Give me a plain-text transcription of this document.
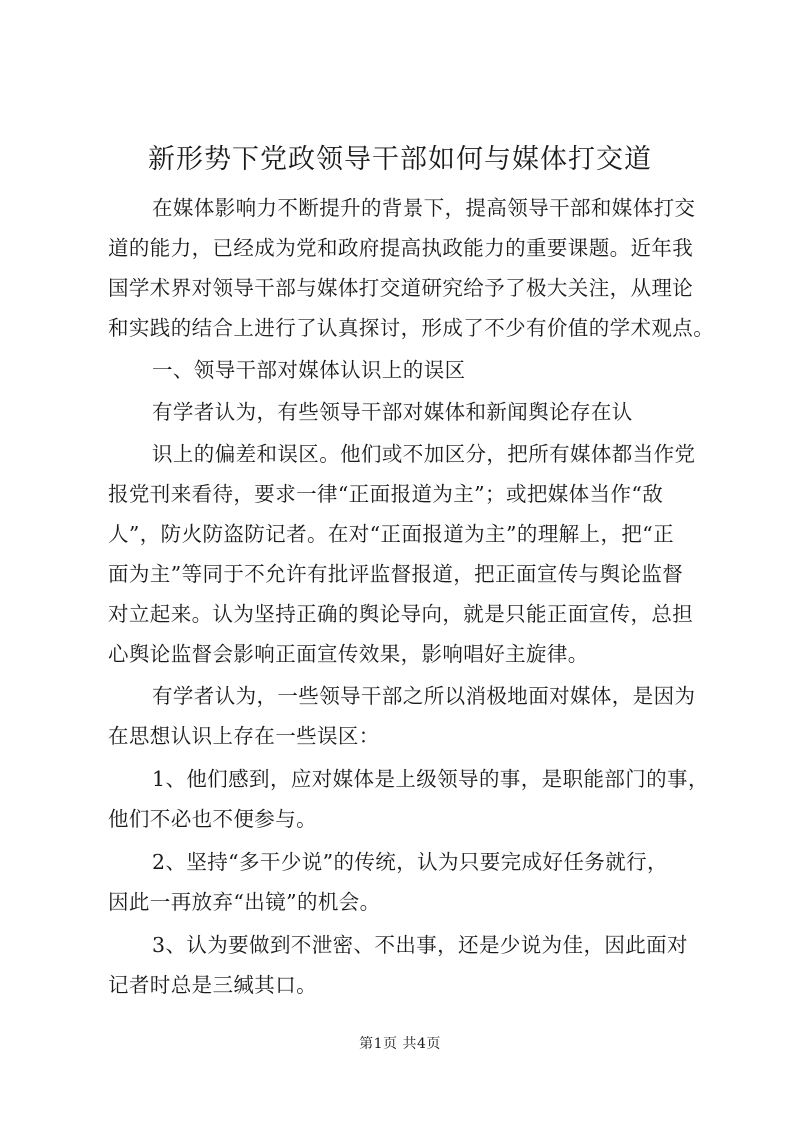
新形势下党政领导干部如何与媒体打交道
在媒体影响力不断提升的背景下，提高领导干部和媒体打交
道的能力，已经成为党和政府提高执政能力的重要课题。近年我
国学术界对领导干部与媒体打交道研究给予了极大关注，从理论
和实践的结合上进行了认真探讨，形成了不少有价值的学术观点。
一、领导干部对媒体认识上的误区
有学者认为，有些领导干部对媒体和新闻舆论存在认
识上的偏差和误区。他们或不加区分，把所有媒体都当作党
报党刊来看待，要求一律“正面报道为主”；或把媒体当作“敌
人”，防火防盗防记者。在对“正面报道为主”的理解上，把“正
面为主”等同于不允许有批评监督报道，把正面宣传与舆论监督
对立起来。认为坚持正确的舆论导向，就是只能正面宣传，总担
心舆论监督会影响正面宣传效果，影响唱好主旋律。
有学者认为，一些领导干部之所以消极地面对媒体，是因为
在思想认识上存在一些误区：
1、他们感到，应对媒体是上级领导的事，是职能部门的事，
他们不必也不便参与。
2、坚持“多干少说”的传统，认为只要完成好任务就行，
因此一再放弃“出镜”的机会。
3、认为要做到不泄密、不出事，还是少说为佳，因此面对
记者时总是三缄其口。
第1页 共4页
